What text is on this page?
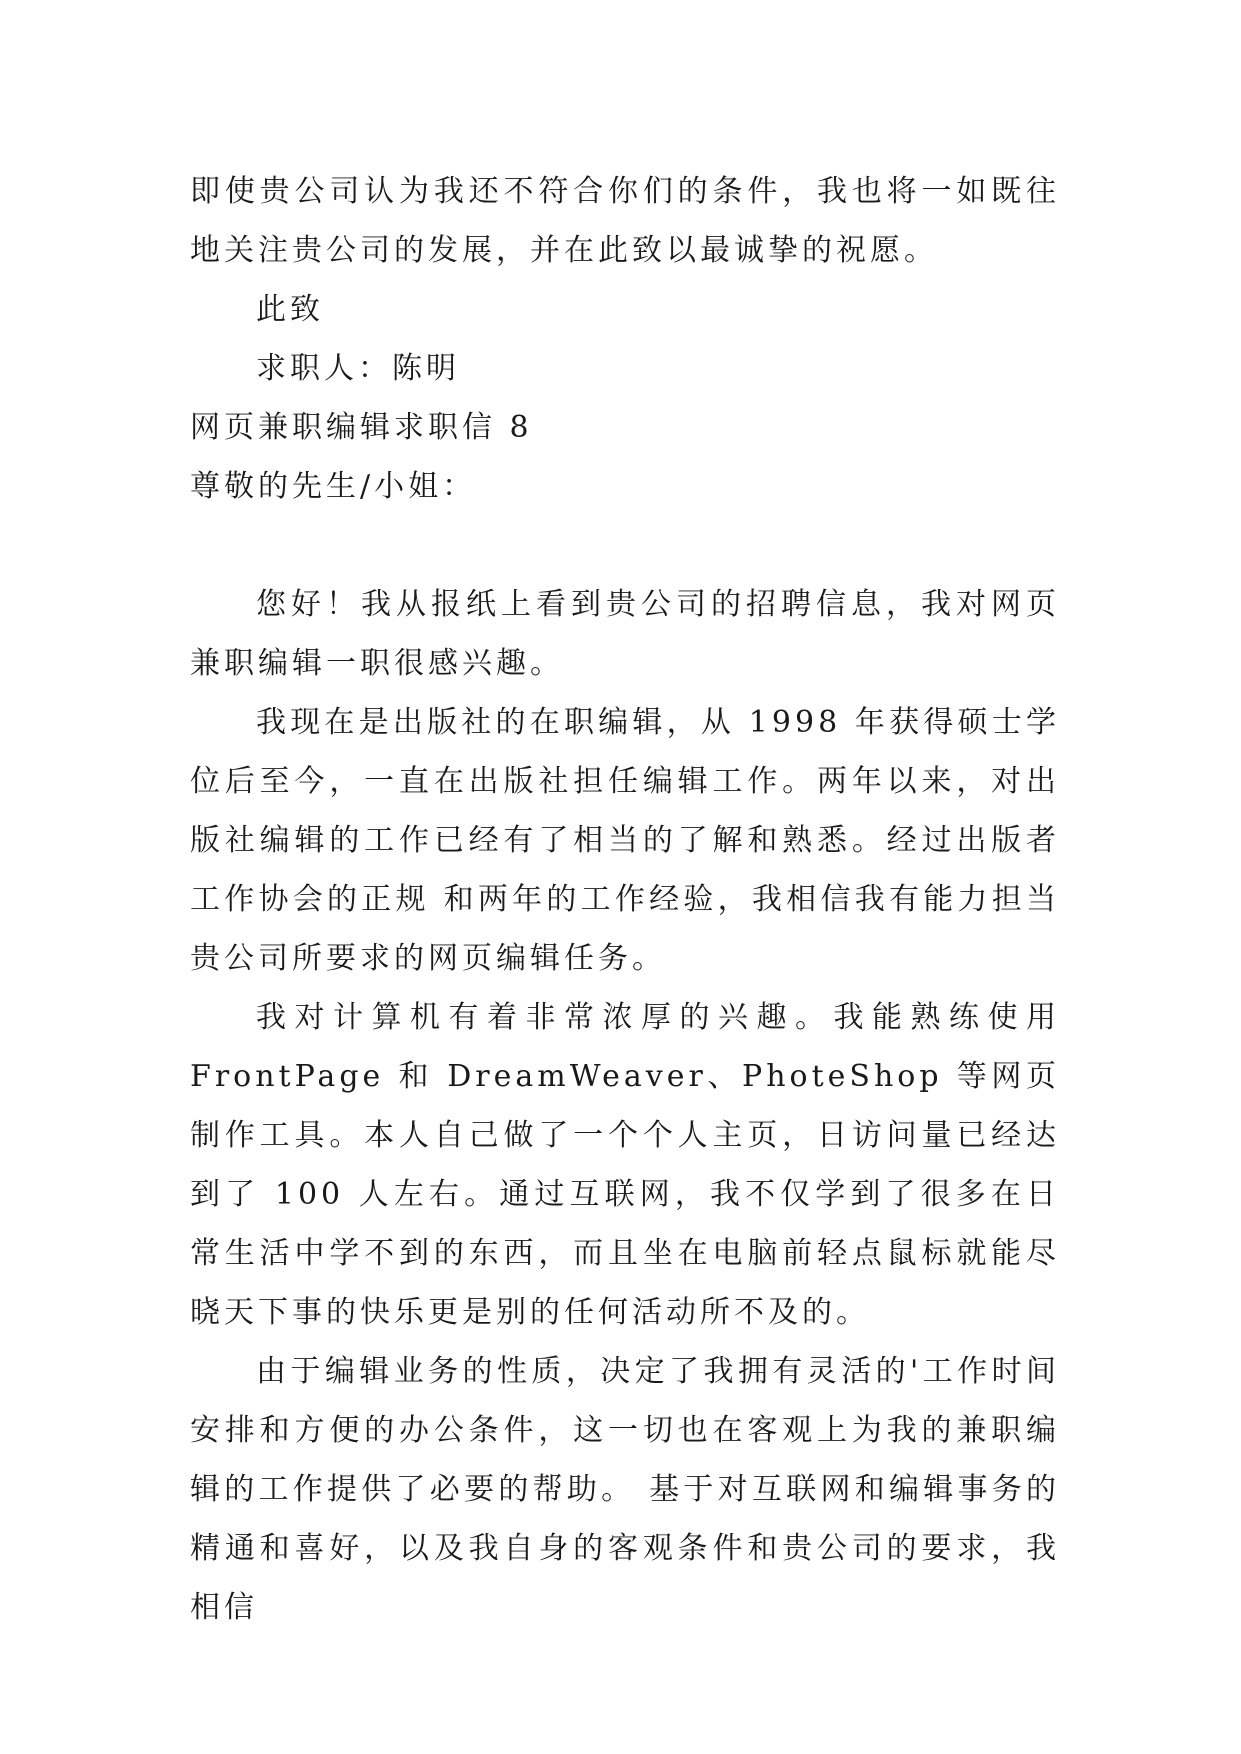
即使贵公司认为我还不符合你们的条件，我也将一如既往地关注贵公司的发展，并在此致以最诚挚的祝愿。

此致

求职人：陈明

网页兼职编辑求职信 8

尊敬的先生/小姐：

您好！我从报纸上看到贵公司的招聘信息，我对网页兼职编辑一职很感兴趣。

我现在是出版社的在职编辑，从 1998 年获得硕士学位后至今，一直在出版社担任编辑工作。两年以来，对出版社编辑的工作已经有了相当的了解和熟悉。经过出版者工作协会的正规 和两年的工作经验，我相信我有能力担当贵公司所要求的网页编辑任务。

我对计算机有着非常浓厚的兴趣。我能熟练使用 FrontPage 和 DreamWeaver、PhoteShop 等网页制作工具。本人自己做了一个个人主页，日访问量已经达到了 100 人左右。通过互联网，我不仅学到了很多在日常生活中学不到的东西，而且坐在电脑前轻点鼠标就能尽晓天下事的快乐更是别的任何活动所不及的。

由于编辑业务的性质，决定了我拥有灵活的'工作时间安排和方便的办公条件，这一切也在客观上为我的兼职编辑的工作提供了必要的帮助。 基于对互联网和编辑事务的精通和喜好，以及我自身的客观条件和贵公司的要求，我相信
